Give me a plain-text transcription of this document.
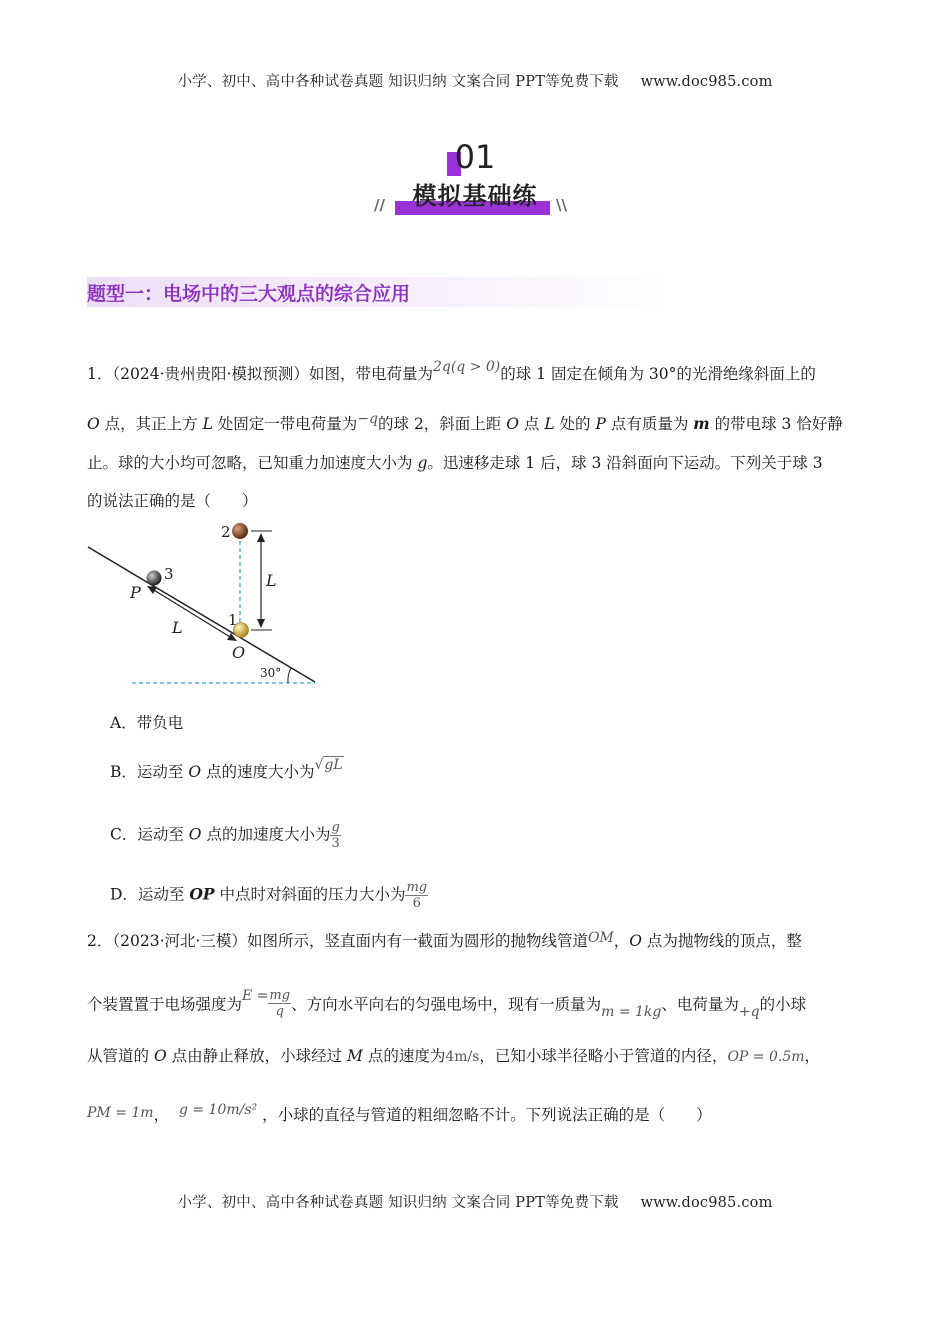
小学、初中、高中各种试卷真题 知识归纳 文案合同 PPT等免费下载 www.doc985.com
01
模拟基础练
//	\\
题型一：电场中的三大观点的综合应用
1．（2024·贵州贵阳·模拟预测）如图，带电荷量为2q(q > 0)的球 1 固定在倾角为 30°的光滑绝缘斜面上的
O 点，其正上方 L 处固定一带电荷量为−q的球 2，斜面上距 O 点 L 处的 P 点有质量为 m 的带电球 3 恰好静
止。球的大小均可忽略，已知重力加速度大小为 g。迅速移走球 1 后，球 3 沿斜面向下运动。下列关于球 3
的说法正确的是（　　）
2
3
1
L
L
P
O
30°
A．带负电
B．运动至 O 点的速度大小为√gL
C．运动至 O 点的加速度大小为 $\frac{g}{3}$
D．运动至 OP 中点时对斜面的压力大小为 $\frac{mg}{6}$
2．（2023·河北·三模）如图所示，竖直面内有一截面为圆形的抛物线管道OM，O 点为抛物线的顶点，整
个装置置于电场强度为$E = \frac{mg}{q}$ 、方向水平向右的匀强电场中，现有一质量为m = 1kg、电荷量为+q的小球
从管道的 O 点由静止释放，小球经过 M 点的速度为4m/s，已知小球半径略小于管道的内径，OP = 0.5m，
PM = 1m， g = 10m/s² ，小球的直径与管道的粗细忽略不计。下列说法正确的是（　　）
小学、初中、高中各种试卷真题 知识归纳 文案合同 PPT等免费下载 www.doc985.com
